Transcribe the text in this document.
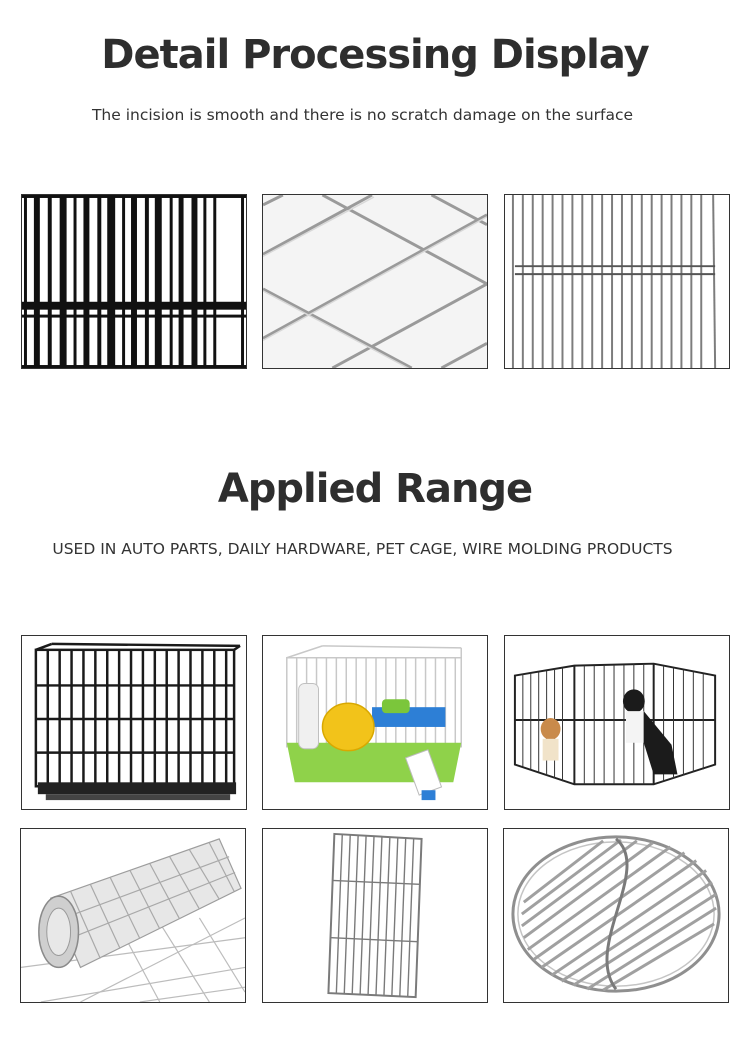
Detail Processing Display
The incision is smooth and there is no scratch damage on the surface
Applied Range
USED IN AUTO PARTS, DAILY HARDWARE, PET CAGE, WIRE MOLDING PRODUCTS
